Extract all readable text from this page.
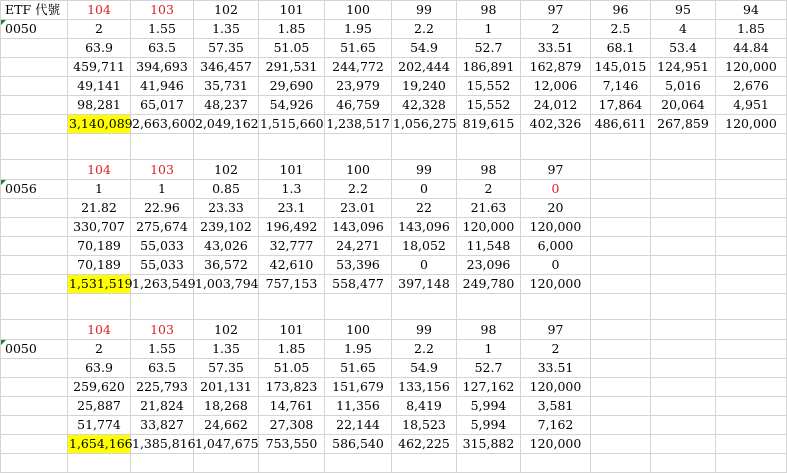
ETF 代號	104	103	102	101	100	99	98	97	96	95	94
0050	2	1.55	1.35	1.85	1.95	2.2	1	2	2.5	4	1.85
	63.9	63.5	57.35	51.05	51.65	54.9	52.7	33.51	68.1	53.4	44.84
	459,711	394,693	346,457	291,531	244,772	202,444	186,891	162,879	145,015	124,951	120,000
	49,141	41,946	35,731	29,690	23,979	19,240	15,552	12,006	7,146	5,016	2,676
	98,281	65,017	48,237	54,926	46,759	42,328	15,552	24,012	17,864	20,064	4,951
	3,140,089	2,663,600	2,049,162	1,515,660	1,238,517	1,056,275	819,615	402,326	486,611	267,859	120,000

	104	103	102	101	100	99	98	97			
0056	1	1	0.85	1.3	2.2	0	2	0			
	21.82	22.96	23.33	23.1	23.01	22	21.63	20			
	330,707	275,674	239,102	196,492	143,096	143,096	120,000	120,000			
	70,189	55,033	43,026	32,777	24,271	18,052	11,548	6,000			
	70,189	55,033	36,572	42,610	53,396	0	23,096	0			
	1,531,519	1,263,549	1,003,794	757,153	558,477	397,148	249,780	120,000			

	104	103	102	101	100	99	98	97			
0050	2	1.55	1.35	1.85	1.95	2.2	1	2			
	63.9	63.5	57.35	51.05	51.65	54.9	52.7	33.51			
	259,620	225,793	201,131	173,823	151,679	133,156	127,162	120,000			
	25,887	21,824	18,268	14,761	11,356	8,419	5,994	3,581			
	51,774	33,827	24,662	27,308	22,144	18,523	5,994	7,162			
	1,654,166	1,385,816	1,047,675	753,550	586,540	462,225	315,882	120,000			
